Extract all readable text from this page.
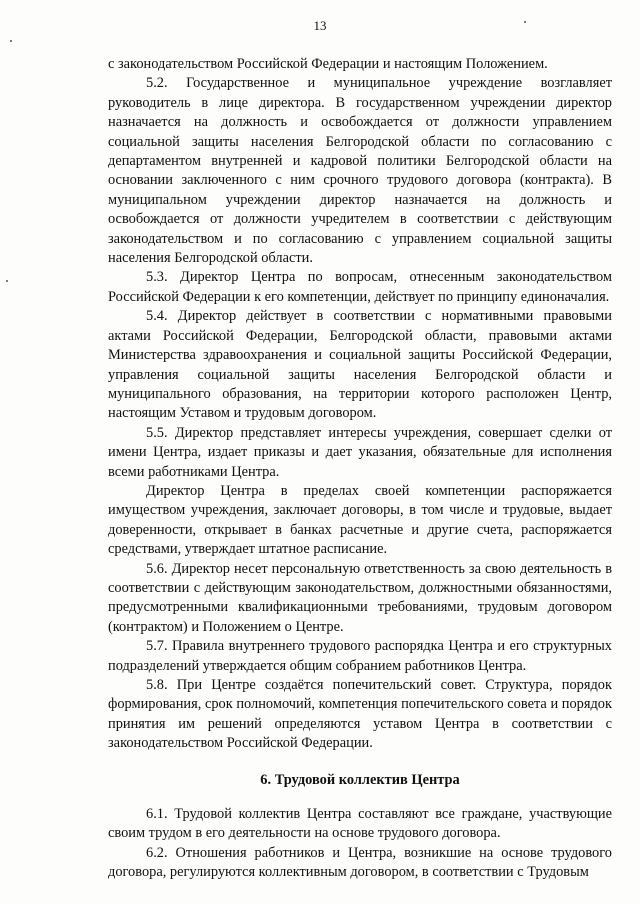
13

с законодательством Российской Федерации и настоящим Положением.

5.2. Государственное и муниципальное учреждение возглавляет руководитель в лице директора. В государственном учреждении директор назначается на должность и освобождается от должности управлением социальной защиты населения Белгородской области по согласованию с департаментом внутренней и кадровой политики Белгородской области на основании заключенного с ним срочного трудового договора (контракта). В муниципальном учреждении директор назначается на должность и освобождается от должности учредителем в соответствии с действующим законодательством и по согласованию с управлением социальной защиты населения Белгородской области.

5.3. Директор Центра по вопросам, отнесенным законодательством Российской Федерации к его компетенции, действует по принципу единоначалия.

5.4. Директор действует в соответствии с нормативными правовыми актами Российской Федерации, Белгородской области, правовыми актами Министерства здравоохранения и социальной защиты Российской Федерации, управления социальной защиты населения Белгородской области и муниципального образования, на территории которого расположен Центр, настоящим Уставом и трудовым договором.

5.5. Директор представляет интересы учреждения, совершает сделки от имени Центра, издает приказы и дает указания, обязательные для исполнения всеми работниками Центра.

Директор Центра в пределах своей компетенции распоряжается имуществом учреждения, заключает договоры, в том числе и трудовые, выдает доверенности, открывает в банках расчетные и другие счета, распоряжается средствами, утверждает штатное расписание.

5.6. Директор несет персональную ответственность за свою деятельность в соответствии с действующим законодательством, должностными обязанностями, предусмотренными квалификационными требованиями, трудовым договором (контрактом) и Положением о Центре.

5.7. Правила внутреннего трудового распорядка Центра и его структурных подразделений утверждается общим собранием работников Центра.

5.8. При Центре создаётся попечительский совет. Структура, порядок формирования, срок полномочий, компетенция попечительского совета и порядок принятия им решений определяются уставом Центра в соответствии с законодательством Российской Федерации.

6. Трудовой коллектив Центра

6.1. Трудовой коллектив Центра составляют все граждане, участвующие своим трудом в его деятельности на основе трудового договора.

6.2. Отношения работников и Центра, возникшие на основе трудового договора, регулируются коллективным договором, в соответствии с Трудовым
